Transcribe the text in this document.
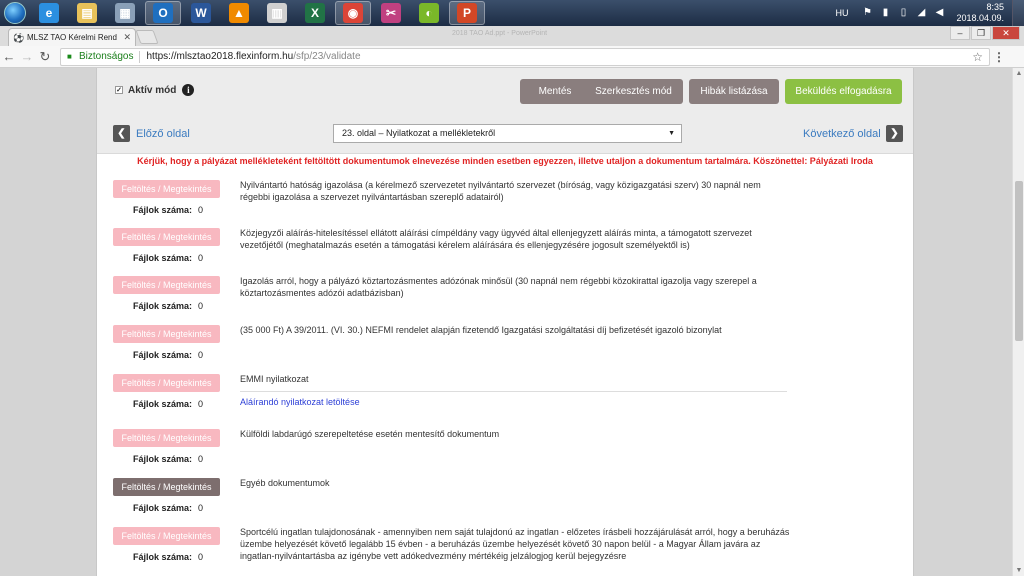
e	▤	▦	O	W	▲	▥	X	◉	✂	◐	P	HU ⚑	▮	▯	◢ ◀	8:35
2018.04.09.
⚽ MLSZ TAO Kérelmi Rend ✕	2018 TAO Ad.ppt - PowerPoint	–	❐	✕
← → ↻	■ Biztonságos https://mlsztao2018.flexinform.hu /sfp/23/validate	☆ ⋮
✓ Aktív mód	i	Mentés	Szerkesztés mód	Hibák listázása	Beküldés elfogadásra
❮ Előző oldal	23. oldal – Nyilatkozat a mellékletekről	▼	Következő oldal ❯
Kérjük, hogy a pályázat mellékleteként feltöltött dokumentumok elnevezése minden esetben egyezzen, illetve utaljon a dokumentum tartalmára. Köszönettel: Pályázati Iroda
Feltöltés / Megtekintés
Fájlok száma: 0
Nyilvántartó hatóság igazolása (a kérelmező szervezetet nyilvántartó szervezet (bíróság, vagy közigazgatási szerv) 30 napnál nem régebbi igazolása a szervezet nyilvántartásban szereplő adatairól)
Feltöltés / Megtekintés
Fájlok száma: 0
Közjegyzői aláírás-hitelesítéssel ellátott aláírási címpéldány vagy ügyvéd által ellenjegyzett aláírás minta, a támogatott szervezet vezetőjétől (meghatalmazás esetén a támogatási kérelem aláírására és ellenjegyzésére jogosult személyektől is)
Feltöltés / Megtekintés
Fájlok száma: 0
Igazolás arról, hogy a pályázó köztartozásmentes adózónak minősül (30 napnál nem régebbi közokirattal igazolja vagy szerepel a köztartozásmentes adózói adatbázisban)
Feltöltés / Megtekintés
Fájlok száma: 0
(35 000 Ft) A 39/2011. (VI. 30.) NEFMI rendelet alapján fizetendő Igazgatási szolgáltatási díj befizetését igazoló bizonylat
Feltöltés / Megtekintés
Fájlok száma: 0
EMMI nyilatkozat
Aláírandó nyilatkozat letöltése
Feltöltés / Megtekintés
Fájlok száma: 0
Külföldi labdarúgó szerepeltetése esetén mentesítő dokumentum
Feltöltés / Megtekintés
Fájlok száma: 0
Egyéb dokumentumok
Feltöltés / Megtekintés
Fájlok száma: 0
Sportcélú ingatlan tulajdonosának - amennyiben nem saját tulajdonú az ingatlan - előzetes írásbeli hozzájárulását arról, hogy a beruházás üzembe helyezését követő legalább 15 évben - a beruházás üzembe helyezését követő 30 napon belül - a Magyar Állam javára az ingatlan-nyilvántartásba az igénybe vett adókedvezmény mértékéig jelzálogjog kerül bejegyzésre
▲
▼
